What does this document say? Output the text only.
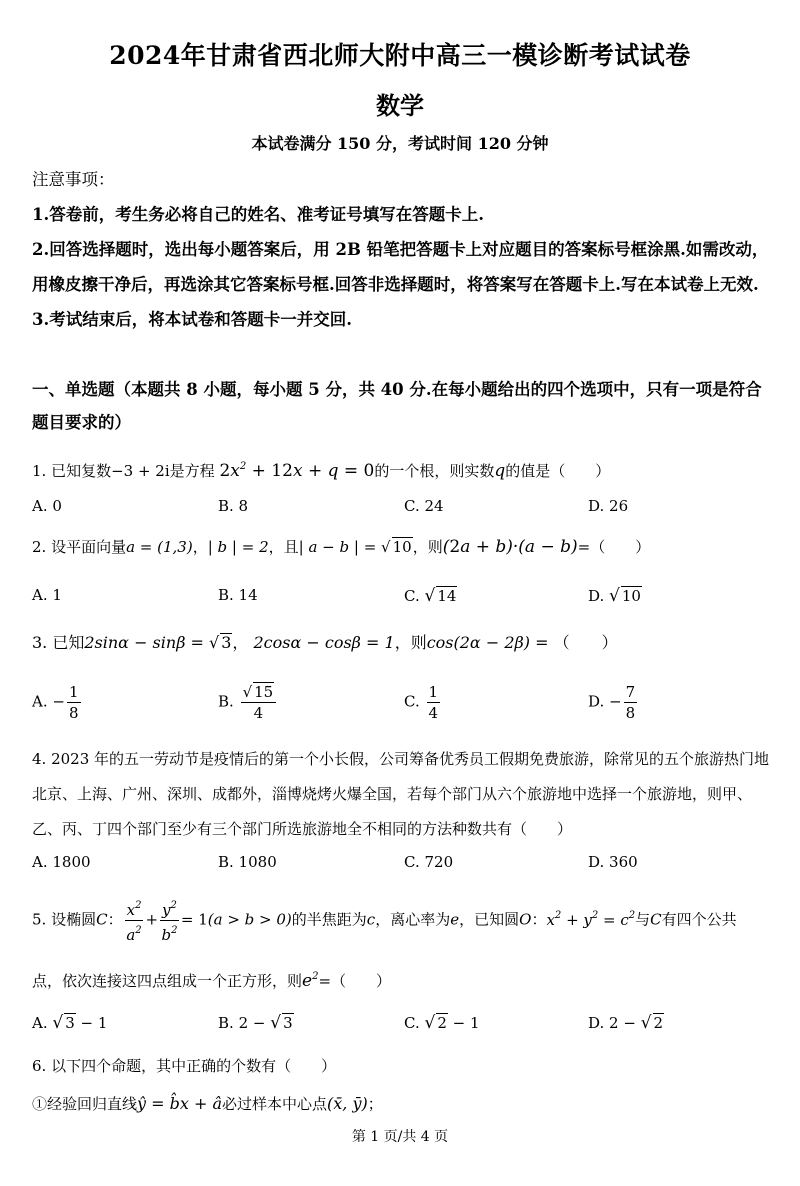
2024年甘肃省西北师大附中高三一模诊断考试试卷
数学
本试卷满分 150 分，考试时间 120 分钟

注意事项：

1.答卷前，考生务必将自己的姓名、准考证号填写在答题卡上.

2.回答选择题时，选出每小题答案后，用 2B 铅笔把答题卡上对应题目的答案标号框涂黑.如需改动，用橡皮擦干净后，再选涂其它答案标号框.回答非选择题时，将答案写在答题卡上.写在本试卷上无效.

3.考试结束后，将本试卷和答题卡一并交回.

一、单选题（本题共 8 小题，每小题 5 分，共 40 分.在每小题给出的四个选项中，只有一项是符合题目要求的）
1. 已知复数−3 + 2i是方程 $2x^2 + 12x + q = 0$的一个根，则实数q的值是（　　）
A. 0	B. 8	C. 24	D. 26
2. 设平面向量a = (1,3)，| b | = 2，且| a − b | = √ 10，则(2a + b)·(a − b)=（　　）
A. 1	B. 14	C. √ 14	D. √ 10
3. 已知2sinα − sinβ = √ 3， 2cosα − cosβ = 1，则cos(2α − 2β) = （　　）
A. − $\frac{1}{8}$	B. $\frac{√ 15}{4}$	C. $\frac{1}{4}$	D. − $\frac{7}{8}$
4. 2023 年的五一劳动节是疫情后的第一个小长假，公司筹备优秀员工假期免费旅游，除常见的五个旅游热门地北京、上海、广州、深圳、成都外，淄博烧烤火爆全国，若每个部门从六个旅游地中选择一个旅游地，则甲、乙、丙、丁四个部门至少有三个部门所选旅游地全不相同的方法种数共有（　　）
A. 1800	B. 1080	C. 720	D. 360
5. 设椭圆C： $\frac{x^2}{a^2} + \frac{y^2}{b^2} = 1(a > b > 0)$的半焦距为c，离心率为e，已知圆O：$x^2 + y^2 = c^2$与C有四个公共
点，依次连接这四点组成一个正方形，则$e^2=$（　　）
A. √ 3 − 1	B. 2 − √ 3	C. √ 2 − 1	D. 2 − √ 2
6. 以下四个命题，其中正确的个数有（　　）
①经验回归直线ŷ = b̂x + â必过样本中心点(x̄, ȳ)；
第 1 页/共 4 页
